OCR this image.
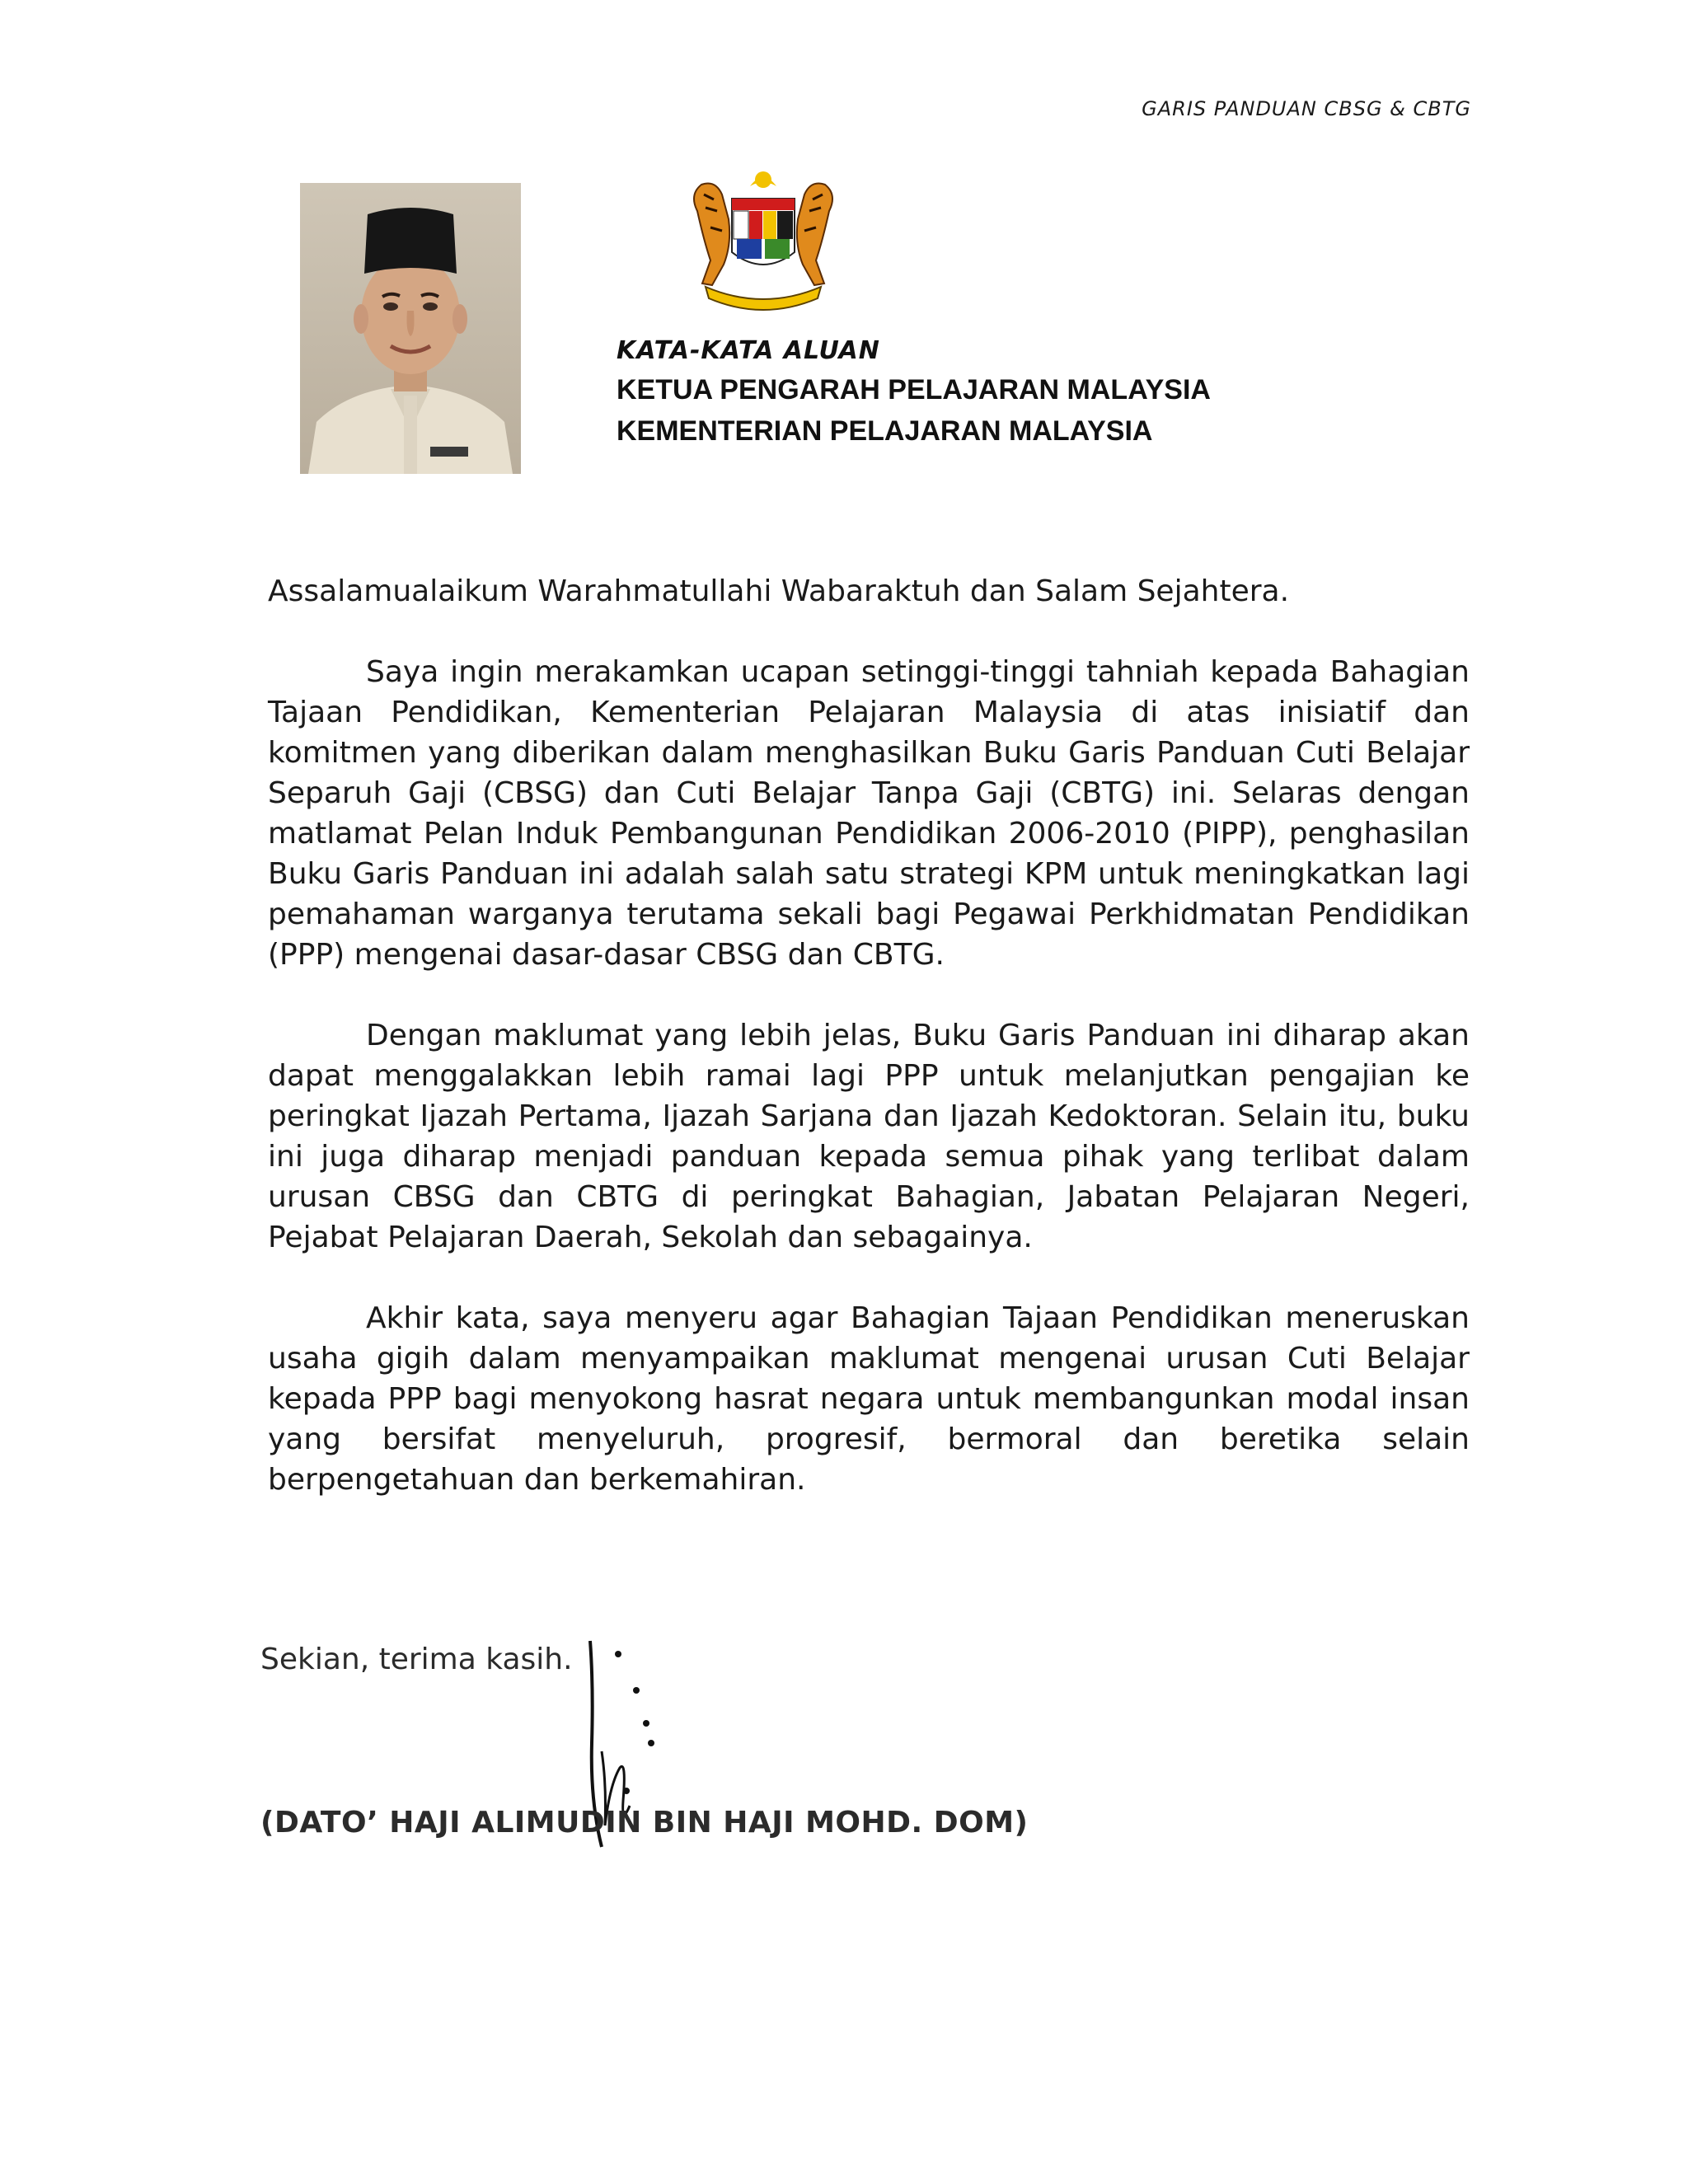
GARIS PANDUAN CBSG & CBTG
KATA-KATA ALUAN
KETUA PENGARAH PELAJARAN MALAYSIA
KEMENTERIAN PELAJARAN MALAYSIA

Assalamualaikum Warahmatullahi Wabaraktuh dan Salam Sejahtera.

Saya ingin merakamkan ucapan setinggi-tinggi tahniah kepada Bahagian Tajaan Pendidikan, Kementerian Pelajaran Malaysia di atas inisiatif dan komitmen yang diberikan dalam menghasilkan Buku Garis Panduan Cuti Belajar Separuh Gaji (CBSG) dan Cuti Belajar Tanpa Gaji (CBTG) ini. Selaras dengan matlamat Pelan Induk Pembangunan Pendidikan 2006-2010 (PIPP), penghasilan Buku Garis Panduan ini adalah salah satu strategi KPM untuk meningkatkan lagi pemahaman warganya terutama sekali bagi Pegawai Perkhidmatan Pendidikan (PPP) mengenai dasar-dasar CBSG dan CBTG.

Dengan maklumat yang lebih jelas, Buku Garis Panduan ini diharap akan dapat menggalakkan lebih ramai lagi PPP untuk melanjutkan pengajian ke peringkat Ijazah Pertama, Ijazah Sarjana dan Ijazah Kedoktoran. Selain itu, buku ini juga diharap menjadi panduan kepada semua pihak yang terlibat dalam urusan CBSG dan CBTG di peringkat Bahagian, Jabatan Pelajaran Negeri, Pejabat Pelajaran Daerah, Sekolah dan sebagainya.

Akhir kata, saya menyeru agar Bahagian Tajaan Pendidikan meneruskan usaha gigih dalam menyampaikan maklumat mengenai urusan Cuti Belajar kepada PPP bagi menyokong hasrat negara untuk membangunkan modal insan yang bersifat menyeluruh, progresif, bermoral dan beretika selain berpengetahuan dan berkemahiran.

Sekian, terima kasih.
(DATO’ HAJI ALIMUDIN BIN HAJI MOHD. DOM)
